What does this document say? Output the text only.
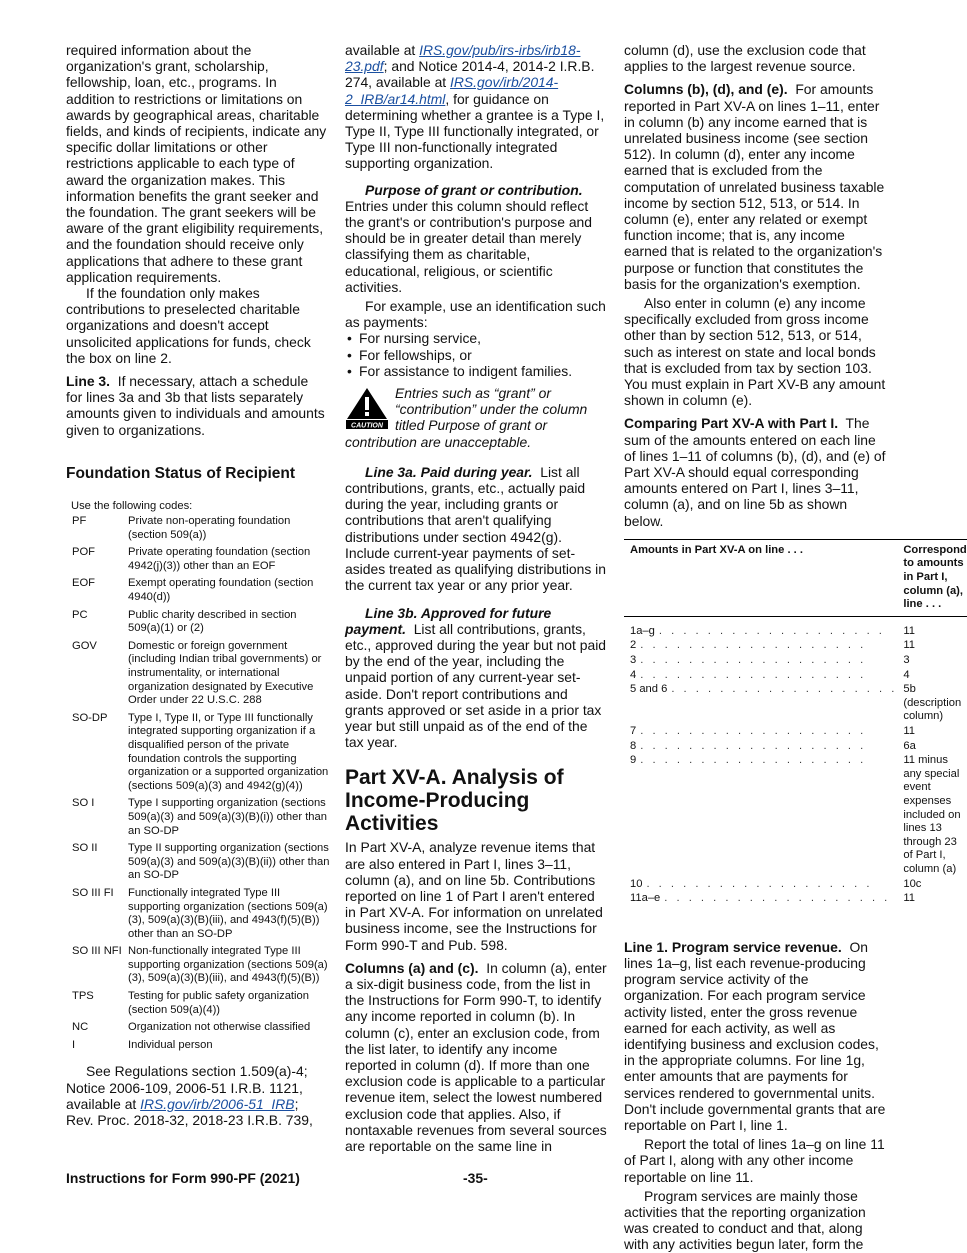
required information about the organization's grant, scholarship, fellowship, loan, etc., programs. In addition to restrictions or limitations on awards by geographical areas, charitable fields, and kinds of recipients, indicate any specific dollar limitations or other restrictions applicable to each type of award the organization makes. This information benefits the grant seeker and the foundation. The grant seekers will be aware of the grant eligibility requirements, and the foundation should receive only applications that adhere to these grant application requirements.

If the foundation only makes contributions to preselected charitable organizations and doesn't accept unsolicited applications for funds, check the box on line 2.

Line 3. If necessary, attach a schedule for lines 3a and 3b that lists separately amounts given to individuals and amounts given to organizations.

Foundation Status of Recipient
Use the following codes:
PF	Private non-operating foundation (section 509(a))
POF	Private operating foundation (section 4942(j)(3)) other than an EOF
EOF	Exempt operating foundation (section 4940(d))
PC	Public charity described in section 509(a)(1) or (2)
GOV	Domestic or foreign government (including Indian tribal governments) or instrumentality, or international organization designated by Executive Order under 22 U.S.C. 288
SO-DP	Type I, Type II, or Type III functionally integrated supporting organization if a disqualified person of the private foundation controls the supporting organization or a supported organization (sections 509(a)(3) and 4942(g)(4))
SO I	Type I supporting organization (sections 509(a)(3) and 509(a)(3)(B)(i)) other than an SO-DP
SO II	Type II supporting organization (sections 509(a)(3) and 509(a)(3)(B)(ii)) other than an SO-DP
SO III FI	Functionally integrated Type III supporting organization (sections 509(a)(3), 509(a)(3)(B)(iii), and 4943(f)(5)(B)) other than an SO-DP
SO III NFI	Non-functionally integrated Type III supporting organization (sections 509(a)(3), 509(a)(3)(B)(iii), and 4943(f)(5)(B))
TPS	Testing for public safety organization (section 509(a)(4))
NC	Organization not otherwise classified
I	Individual person

See Regulations section 1.509(a)-4; Notice 2006-109, 2006-51 I.R.B. 1121, available at IRS.gov/irb/2006-51_IRB; Rev. Proc. 2018-32, 2018-23 I.R.B. 739,

available at IRS.gov/pub/irs-irbs/irb18-23.pdf; and Notice 2014-4, 2014-2 I.R.B. 274, available at IRS.gov/irb/2014-2_IRB/ar14.html, for guidance on determining whether a grantee is a Type I, Type II, Type III functionally integrated, or Type III non-functionally integrated supporting organization.

Purpose of grant or contribution. Entries under this column should reflect the grant's or contribution's purpose and should be in greater detail than merely classifying them as charitable, educational, religious, or scientific activities.

For example, use an identification such as payments:

• For nursing service,
• For fellowships, or
• For assistance to indigent families.
CAUTION
Entries such as “grant” or “contribution” under the column titled Purpose of grant or contribution are unacceptable.

Line 3a. Paid during year. List all contributions, grants, etc., actually paid during the year, including grants or contributions that aren't qualifying distributions under section 4942(g). Include current-year payments of set-asides treated as qualifying distributions in the current tax year or any prior year.

Line 3b. Approved for future payment. List all contributions, grants, etc., approved during the year but not paid by the end of the year, including the unpaid portion of any current-year set-aside. Don't report contributions and grants approved or set aside in a prior tax year but still unpaid as of the end of the tax year.

Part XV-A. Analysis of Income-Producing Activities

In Part XV-A, analyze revenue items that are also entered in Part I, lines 3–11, column (a), and on line 5b. Contributions reported on line 1 of Part I aren't entered in Part XV-A. For information on unrelated business income, see the Instructions for Form 990-T and Pub. 598.

Columns (a) and (c). In column (a), enter a six-digit business code, from the list in the Instructions for Form 990-T, to identify any income reported in column (b). In column (c), enter an exclusion code, from the list later, to identify any income reported in column (d). If more than one exclusion code is applicable to a particular revenue item, select the lowest numbered exclusion code that applies. Also, if nontaxable revenues from several sources are reportable on the same line in

column (d), use the exclusion code that applies to the largest revenue source.

Columns (b), (d), and (e). For amounts reported in Part XV-A on lines 1–11, enter in column (b) any income earned that is unrelated business income (see section 512). In column (d), enter any income earned that is excluded from the computation of unrelated business taxable income by section 512, 513, or 514. In column (e), enter any related or exempt function income; that is, any income earned that is related to the organization's purpose or function that constitutes the basis for the organization's exemption.

Also enter in column (e) any income specifically excluded from gross income other than by section 512, 513, or 514, such as interest on state and local bonds that is excluded from tax by section 103. You must explain in Part XV-B any amount shown in column (e).

Comparing Part XV-A with Part I. The sum of the amounts entered on each line of lines 1–11 of columns (b), (d), and (e) of Part XV-A should equal corresponding amounts entered on Part I, lines 3–11, column (a), and on line 5b as shown below.

Amounts in Part XV-A on line . . .	Correspond to amounts in Part I, column (a), line . . .

1a–g . . . . . . . . . . . . . . . . . . .	11

2 . . . . . . . . . . . . . . . . . . .	11

3 . . . . . . . . . . . . . . . . . . .	3

4 . . . . . . . . . . . . . . . . . . .	4

5 and 6 . . . . . . . . . . . . . . . . . . .	5b (description column)

7 . . . . . . . . . . . . . . . . . . .	11

8 . . . . . . . . . . . . . . . . . . .	6a

9 . . . . . . . . . . . . . . . . . . .	11 minus any special event expenses included on lines 13 through 23 of Part I, column (a)

10 . . . . . . . . . . . . . . . . . . .	10c

11a–e . . . . . . . . . . . . . . . . . . .	11

Line 1. Program service revenue. On lines 1a–g, list each revenue-producing program service activity of the organization. For each program service activity listed, enter the gross revenue earned for each activity, as well as identifying business and exclusion codes, in the appropriate columns. For line 1g, enter amounts that are payments for services rendered to governmental units. Don't include governmental grants that are reportable on Part I, line 1.

Report the total of lines 1a–g on line 11 of Part I, along with any other income reportable on line 11.

Program services are mainly those activities that the reporting organization was created to conduct and that, along with any activities begun later, form the

Instructions for Form 990-PF (2021)	-35-
